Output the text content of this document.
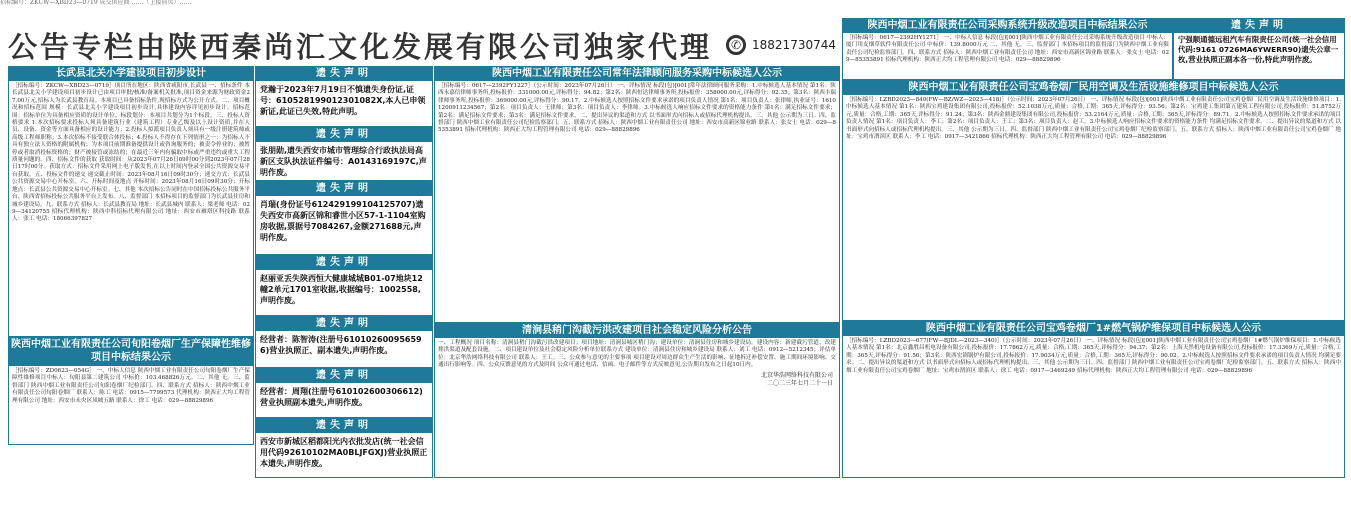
招标编号：ZKCW—XBD23—0719 成交供应商 ……（上接前页）……
公告专栏由陕西秦尚汇文化发展有限公司独家代理	✆ 18821730744
长武县北关小学建设项目初步设计
［招标编号：ZKCW—XBD23—0719］项目所在地区：陕西省咸阳市,长武县 一、招标条件 本长武县北关小学建设项目初步设计已由项目审批/核准/备案机关批准,项目资金来源为财政资金27.00万元,招标人为长武县教育局。本项目已具备招标条件,现招标方式为公开方式。二、项目概况和招标范围 规模：长武县北关小学建设项目初步设计,具体建设内容详见初步设计。招标范围：招标单位为具备相应资质的设计单位。标段划分：本项目共划分为1个标段。三、投标人资格要求 1.本次招标要求投标人须具备建筑行业（建筑工程）专业乙级及以上设计资质,并在人员、设备、资金等方面具备相应的设计能力；2.投标人拟派项目负责人须具有一级注册建筑师或高级工程师职称；3.本次招标不接受联合体投标；4.投标人不得存在下列情形之一：为招标人不具有独立法人资格的附属机构；为本项目前期准备提供设计或咨询服务的；被责令停业的；被暂停或者取消投标资格的；财产被接管或冻结的；在最近三年内有骗取中标或严重违约或重大工程质量问题的。四、招标文件的获取 获取时间：从2023年07月26日09时00分到2023年07月28日17时00分。获取方式：招标文件采用网上电子版发售,在以上时间内登录全国公共资源交易平台获取。五、投标文件的递交 递交截止时间：2023年08月16日09时30分；递交方式：长武县公共资源交易中心开标室。六、开标时间及地点 开标时间：2023年08月16日09时30分；开标地点：长武县公共资源交易中心开标室。七、其他 本次招标公告同时在中国招标投标公共服务平台、陕西省招标投标公共服务平台上发布。八、监督部门 本招标项目的监督部门为长武县住房和城乡建设局。九、联系方式 招标人：长武县教育局 地址：长武县城内 联系人：梁老师 电话：029—34120755 招标代理机构：陕西中科招标代理有限公司 地址：西安市雁塔区科技路 联系人：张工 电话：18066397827
陕西中烟工业有限责任公司旬阳卷烟厂生产保障性维修项目中标结果公示
［招标编号：ZD0623—054G］ 一、中标人信息 陕西中烟工业有限责任公司旬阳卷烟厂生产保障性维修项目中标人：旬阳县第二建筑公司 中标价：103.468826万元。二、其他 无。三、监督部门 陕西中烟工业有限责任公司旬阳卷烟厂纪检部门。四、联系方式 招标人：陕西中烟工业有限责任公司旬阳卷烟厂 联系人：陈工 电话：0915—7799573 代理机构：陕西正大均工程管理有限公司 地址：西安市未央区凤城五路 联系人：徐工 电话：029—88829896
遗失声明
党瀚于2023年7月19日不慎遗失身份证,证号：610528199012301082X,本人已申领新证,此证已失效,特此声明。
遗失声明
张朋勋,遗失西安市城市管理综合行政执法局高新区支队执法证件编号：A0143169197C,声明作废。
遗失声明
肖瑞(身份证号612429199104125707)遗失西安市高新区锦和睿世小区57-1-1104室购房收据,票据号7084267,金额271688元,声明作废。
遗失声明
赵丽亚丢失陕西恒大健康城城B01-07地块12幢2单元1701室收据,收据编号：1002558,声明作废。
遗失声明
经营者：陈智涛(注册号610102600956596)营业执照正、副本遗失,声明作废。
遗失声明
经营者：周翔(注册号610102600306612)营业执照副本遗失,声明作废。
遗失声明
西安市新城区稻都阳光内衣批发店(统一社会信用代码92610102MA0BLJFGXJ)营业执照正本遗失,声明作废。
陕西中烟工业有限责任公司常年法律顾问服务采购中标候选人公示
［招标编号：0617—2392FY1227］（公示时间：2023年07月26日） 一、评标情况 标段(包)[001]常年法律顾问服务采购：1.中标候选人基本情况 第1名：陕西永嘉信律师事务所,投标报价：331000.00元,评标得分：94.82；第2名：陕西恒达律师事务所,投标报价：358000.00元,评标得分：92.35；第3名：陕西丰瑞律师事务所,投标报价：369000.00元,评标得分：90.17。2.中标候选人按照招标文件要求承诺的项目负责人情况 第1名：项目负责人：张律师,执业证号：16101200911234567；第2名：项目负责人：王律师；第3名：项目负责人：李律师。3.中标候选人响应招标文件要求的资格能力条件 第1名：满足招标文件要求；第2名：满足招标文件要求；第3名：满足招标文件要求。二、提出异议的渠道和方式 以书面形式向招标人或招标代理机构提出。三、其他 公示期为三日。四、监督部门 陕西中烟工业有限责任公司纪检监察部门。五、联系方式 招标人：陕西中烟工业有限责任公司 地址：西安市高新区锦业路 联系人：张女士 电话：029—85353891 招标代理机构：陕西正大均工程管理有限公司 电话：029—88829896
清涧县稍门沟截污洪改建项目社会稳定风险分析公告
一、工程概况 项目名称：清涧县稍门沟截污洪改建项目；项目地址：清涧县城区稍门沟；建设单位：清涧县住房和城乡建设局。建设内容：新建截污管道、改建排洪渠道及配套设施。二、项目建设单位及社会稳定风险分析单位联系方式 建设单位：清涧县住房和城乡建设局 联系人：刘工 电话：0912—5212345；评估单位：北京华浩网络科技有限公司 联系人：王工。三、公众参与意见的主要事项 项目建设对周边群众生产生活的影响、征地拆迁补偿安置、施工期间环境影响、交通出行影响等。四、公众反馈意见的方式及时间 公众可通过电话、信函、电子邮件等方式反映意见,公告期自发布之日起10日内。
北京华浩网络科技有限公司
二〇二三年七月二十一日
陕西中烟工业有限责任公司采购系统升级改造项目中标结果公示
［招标编号：0617—2392HY1271］ 一、中标人信息 标段(包)[001]陕西中烟工业有限责任公司采购系统升级改造项目 中标人：厦门用友烟草软件有限责任公司 中标价：139.8000万元 二、其他 无。三、监督部门 本招标项目的监督部门为陕西中烟工业有限责任公司纪检监察部门。四、联系方式 招标人：陕西中烟工业有限责任公司 地址：西安市高新区锦业路 联系人：张女士 电话：029—85353891 招标代理机构：陕西正大均工程管理有限公司 电话：029—88829896
遗失声明
宁强顺通德远租汽车有限责任公司(统一社会信用代码:9161 0726MA6YWERR90)遗失公章一枚,营业执照正副本各一份,特此声明作废。
陕西中烟工业有限责任公司宝鸡卷烟厂民用空调及生活设施维修项目中标候选人公示
［招标编号：LZBD2023—840(FW—BZ/WZ—2023—418)］（公示时间：2023年07月26日） 一、评标情况 标段(包)[001]陕西中烟工业有限责任公司宝鸡卷烟厂民用空调及生活设施维修项目：1.中标候选人基本情况 第1名：陕西宝鸡建设集团有限公司,投标报价：52.1038万元,质量：合格,工期：365天,评标得分：93.56；第2名：宝鸡建工集团第五建筑工程有限公司,投标报价：51.8752万元,质量：合格,工期：365天,评标得分：91.24；第3名：陕西金鼎建设集团有限公司,投标报价：53.2164万元,质量：合格,工期：365天,评标得分：89.71。2.中标候选人按照招标文件要求承诺的项目负责人情况 第1名：项目负责人：李工；第2名：项目负责人：王工；第3名：项目负责人：赵工。3.中标候选人响应招标文件要求的资格能力条件 均满足招标文件要求。二、提出异议的渠道和方式 以书面形式向招标人或招标代理机构提出。三、其他 公示期为三日。四、监督部门 陕西中烟工业有限责任公司宝鸡卷烟厂纪检监察部门。五、联系方式 招标人：陕西中烟工业有限责任公司宝鸡卷烟厂 地址：宝鸡市渭滨区 联系人：李工 电话：0917—3421866 招标代理机构：陕西正大均工程管理有限公司 电话：029—88829896
陕西中烟工业有限责任公司宝鸡卷烟厂1#燃气锅炉维保项目中标候选人公示
［招标编号：LZBD2023—677(FW—BJDL—2023—340)］（公示时间：2023年07月26日） 一、评标情况 标段(包)[001]陕西中烟工业有限责任公司宝鸡卷烟厂1#燃气锅炉维保项目：1.中标候选人基本情况 第1名：北京鑫胜昌机电设备有限公司,投标报价：17.7862万元,质量：合格,工期：365天,评标得分：94.37；第2名：上海天然机电设备有限公司,投标报价：17.3369万元,质量：合格,工期：365天,评标得分：91.56；第3名：陕西宏锅锅炉有限公司,投标报价：17.9034万元,质量：合格,工期：365天,评标得分：90.02。2.中标候选人按照招标文件要求承诺的项目负责人情况 均满足要求。二、提出异议的渠道和方式 以书面形式向招标人或招标代理机构提出。三、其他 公示期为三日。四、监督部门 陕西中烟工业有限责任公司宝鸡卷烟厂纪检监察部门。五、联系方式 招标人：陕西中烟工业有限责任公司宝鸡卷烟厂 地址：宝鸡市渭滨区 联系人：徐工 电话：0917—3469249 招标代理机构：陕西正大均工程管理有限公司 电话：029—88829896
